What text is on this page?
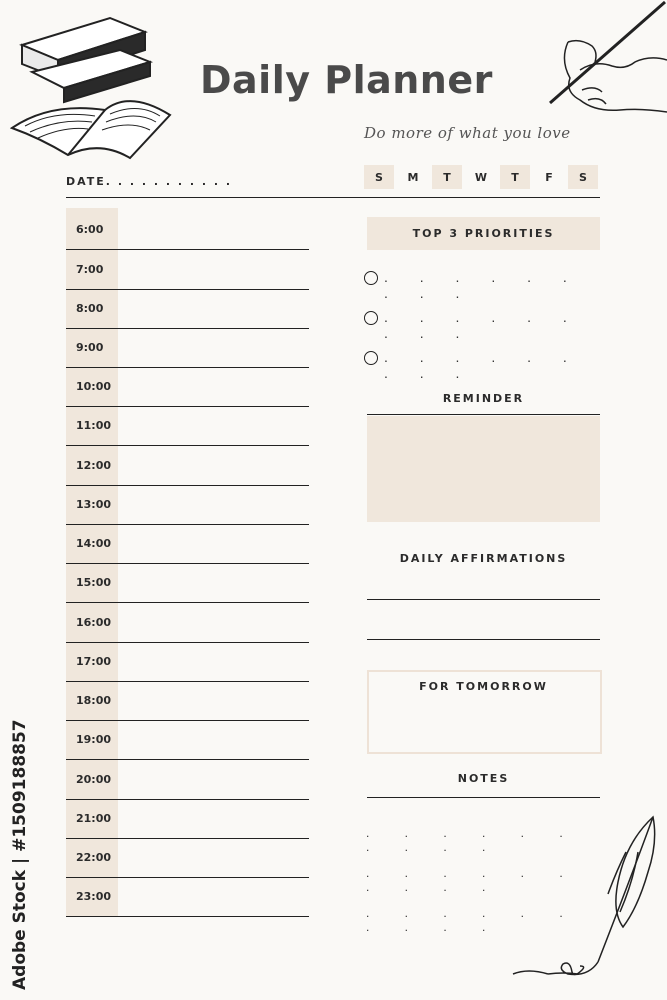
Daily Planner
Do more of what you love
DATE. . . . . . . . . . .	S	M	T	W	T	F	S
6:00
7:00
8:00
9:00
10:00
11:00
12:00
13:00
14:00
15:00
16:00
17:00
18:00
19:00
20:00
21:00
22:00
23:00
TOP 3 PRIORITIES
. . . . . . . . .
. . . . . . . . .
. . . . . . . . .
REMINDER
DAILY AFFIRMATIONS
FOR TOMORROW
NOTES
. . . . . . . . . .
. . . . . . . . . .
. . . . . . . . . .
Adobe Stock | #1509188857
